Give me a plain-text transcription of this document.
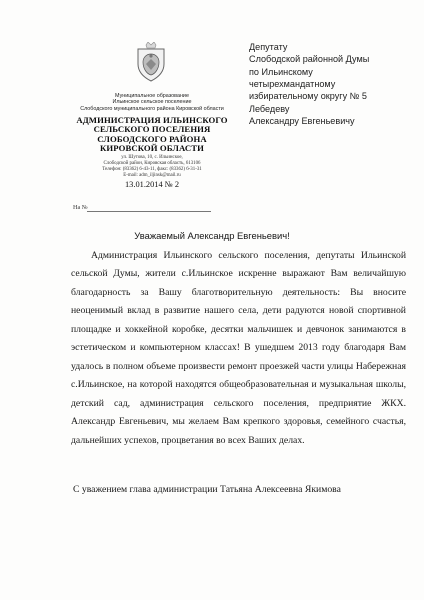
Муниципальное образование
Ильинское сельское поселение
Слободского муниципального района Кировской области
АДМИНИСТРАЦИЯ ИЛЬИНСКОГО
СЕЛЬСКОГО ПОСЕЛЕНИЯ
СЛОБОДСКОГО РАЙОНА
КИРОВСКОЙ ОБЛАСТИ
ул. Шутова, 10, с. Ильинское,
Слободской район, Кировская область, 613106
Телефон: (83362) 6-43-11, факс: (83362) 6-31-31
E-mail: adm_iljinsk@mail.ru
13.01.2014 № 2
На №
Депутату
Слободской районной Думы
по Ильинскому
четырехмандатному
избирательному округу № 5
Лебедеву
Александру Евгеньевичу
Уважаемый Александр Евгеньевич!
Администрация Ильинского сельского поселения, депутаты Ильинской сельской Думы, жители с.Ильинское искренне выражают Вам величайшую благодарность за Вашу благотворительную деятельность: Вы вносите неоценимый вклад в развитие нашего села, дети радуются новой спортивной площадке и хоккейной коробке, десятки мальчишек и девчонок занимаются в эстетическом и компьютерном классах! В ушедшем 2013 году благодаря Вам удалось в полном объеме произвести ремонт проезжей части улицы Набережная с.Ильинское, на которой находятся общеобразовательная и музыкальная школы, детский сад, администрация сельского поселения, предприятие ЖКХ. Александр Евгеньевич, мы желаем Вам крепкого здоровья, семейного счастья, дальнейших успехов, процветания во всех Ваших делах.
С уважением глава администрации Татьяна Алексеевна Якимова
